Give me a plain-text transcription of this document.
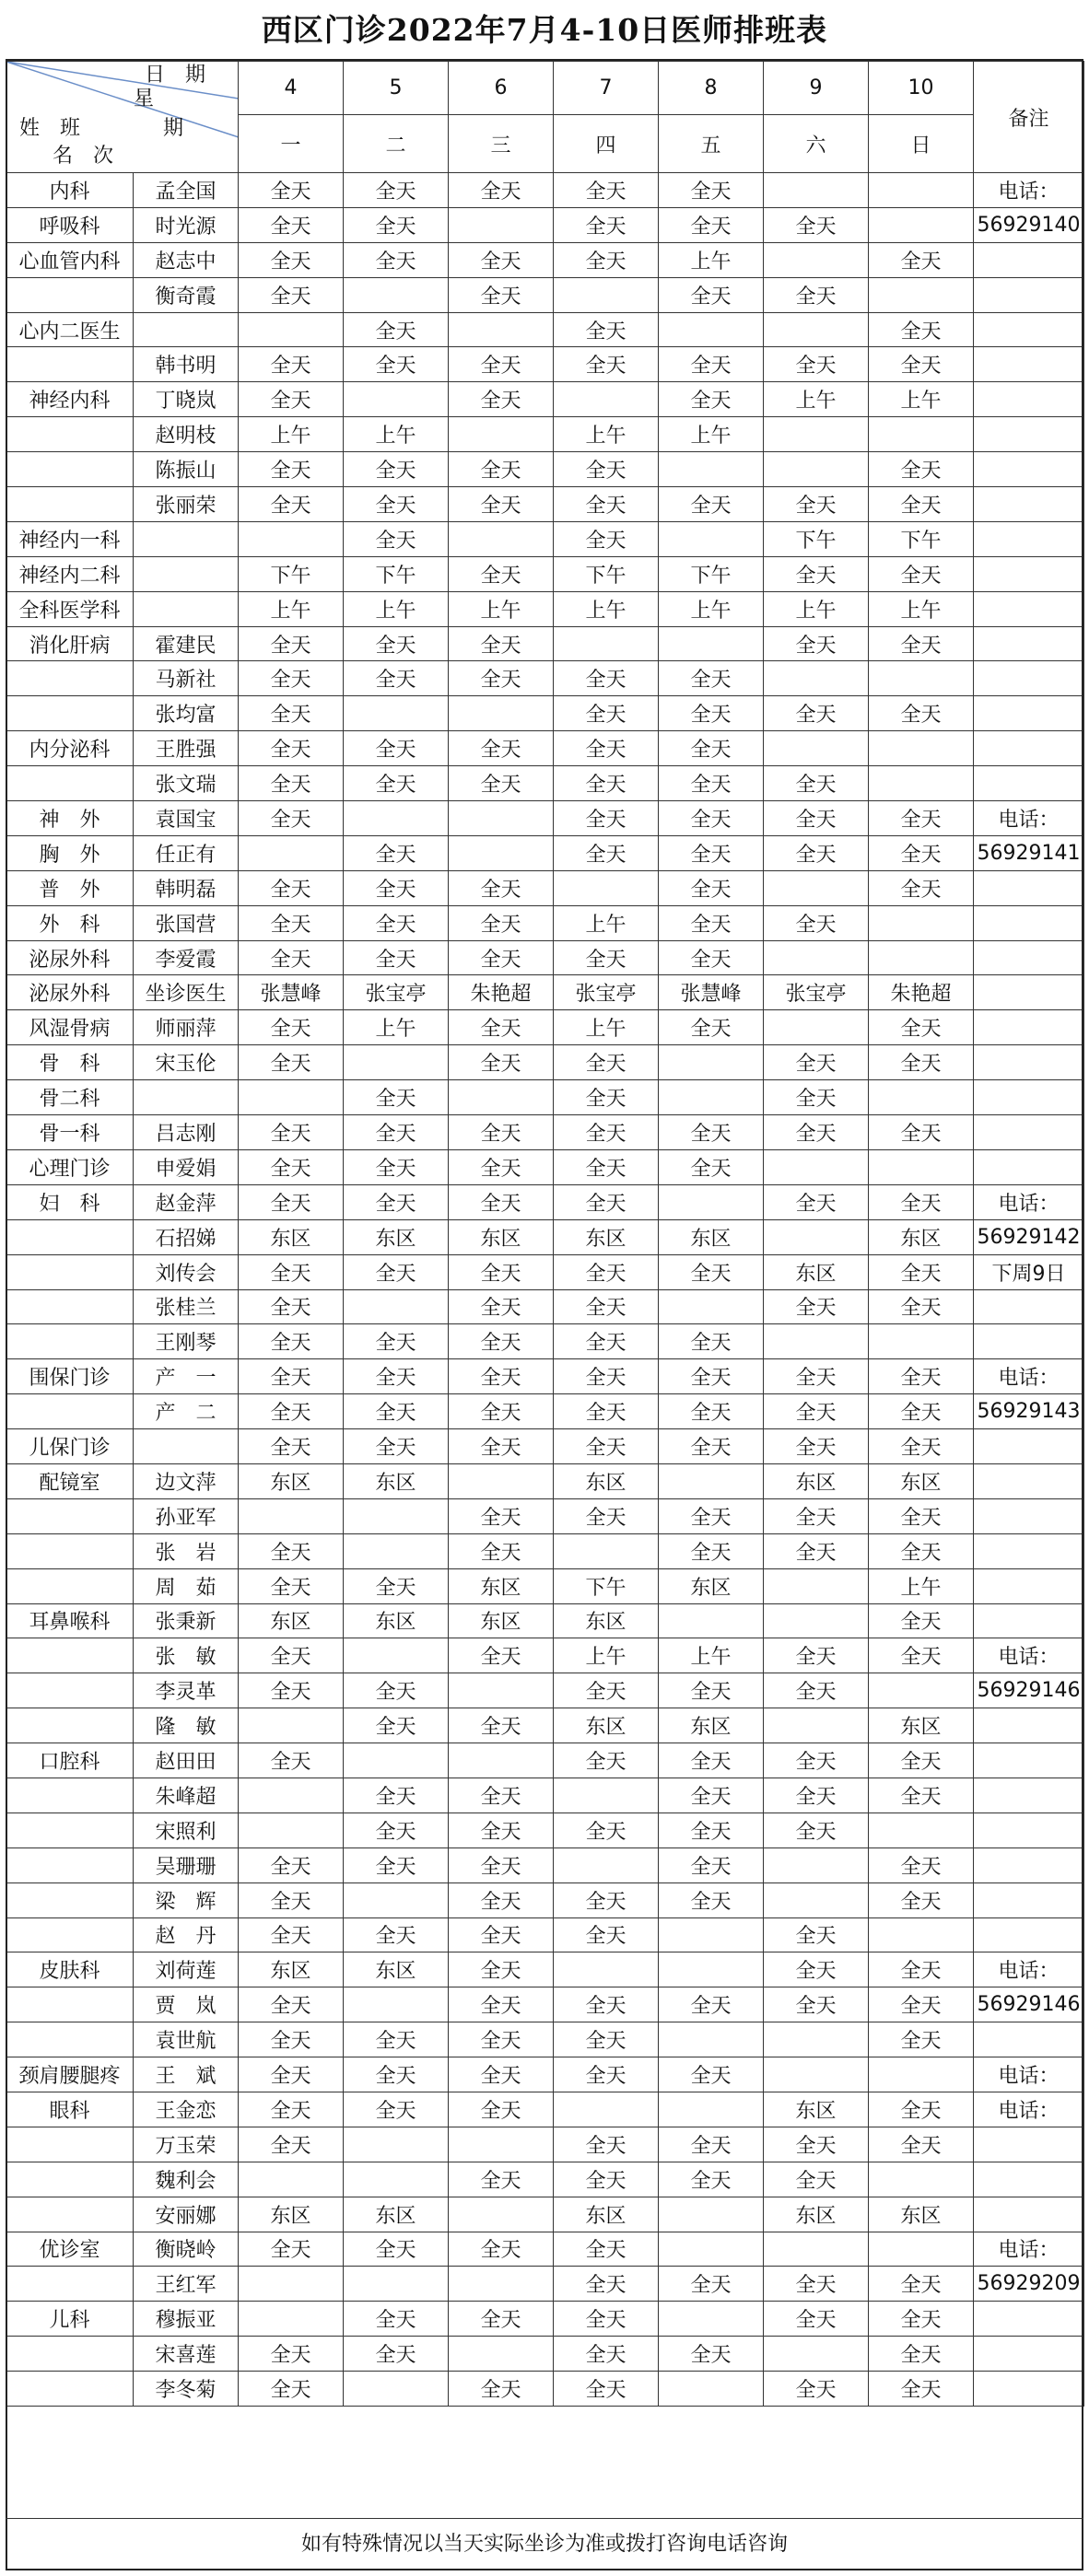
西区门诊2022年7月4-10日医师排班表
日　期
星
期
姓　班
名　次		4	5	6	7	8	9	10	备注
		一	二	三	四	五	六	日	
内科	孟全国	全天	全天	全天	全天	全天			电话：
呼吸科	时光源	全天	全天		全天	全天	全天		56929140
心血管内科	赵志中	全天	全天	全天	全天	上午		全天	
	衡奇霞	全天		全天		全天	全天		
心内二医生			全天		全天			全天	
	韩书明	全天	全天	全天	全天	全天	全天	全天	
神经内科	丁晓岚	全天		全天		全天	上午	上午	
	赵明枝	上午	上午		上午	上午			
	陈振山	全天	全天	全天	全天			全天	
	张丽荣	全天	全天	全天	全天	全天	全天	全天	
神经内一科			全天		全天		下午	下午	
神经内二科		下午	下午	全天	下午	下午	全天	全天	
全科医学科		上午	上午	上午	上午	上午	上午	上午	
消化肝病	霍建民	全天	全天	全天			全天	全天	
	马新社	全天	全天	全天	全天	全天			
	张均富	全天			全天	全天	全天	全天	
内分泌科	王胜强	全天	全天	全天	全天	全天			
	张文瑞	全天	全天	全天	全天	全天	全天		
神　外	袁国宝	全天			全天	全天	全天	全天	电话：
胸　外	任正有		全天		全天	全天	全天	全天	56929141
普　外	韩明磊	全天	全天	全天		全天		全天	
外　科	张国营	全天	全天	全天	上午	全天	全天		
泌尿外科	李爱霞	全天	全天	全天	全天	全天			
泌尿外科	坐诊医生	张慧峰	张宝亭	朱艳超	张宝亭	张慧峰	张宝亭	朱艳超	
风湿骨病	师丽萍	全天	上午	全天	上午	全天		全天	
骨　科	宋玉伦	全天		全天	全天		全天	全天	
骨二科			全天		全天		全天		
骨一科	吕志刚	全天	全天	全天	全天	全天	全天	全天	
心理门诊	申爱娟	全天	全天	全天	全天	全天			
妇　科	赵金萍	全天	全天	全天	全天		全天	全天	电话：
	石招娣	东区	东区	东区	东区	东区		东区	56929142
	刘传会	全天	全天	全天	全天	全天	东区	全天	下周9日
	张桂兰	全天		全天	全天		全天	全天	
	王刚琴	全天	全天	全天	全天	全天			
围保门诊	产　一	全天	全天	全天	全天	全天	全天	全天	电话：
	产　二	全天	全天	全天	全天	全天	全天	全天	56929143
儿保门诊		全天	全天	全天	全天	全天	全天	全天	
配镜室	边文萍	东区	东区		东区		东区	东区	
	孙亚军			全天	全天	全天	全天	全天	
	张　岩	全天		全天		全天	全天	全天	
	周　茹	全天	全天	东区	下午	东区		上午	
耳鼻喉科	张秉新	东区	东区	东区	东区			全天	
	张　敏	全天		全天	上午	上午	全天	全天	电话：
	李灵革	全天	全天		全天	全天	全天		56929146
	隆　敏		全天	全天	东区	东区		东区	
口腔科	赵田田	全天			全天	全天	全天	全天	
	朱峰超		全天	全天		全天	全天	全天	
	宋照利		全天	全天	全天	全天	全天		
	吴珊珊	全天	全天	全天		全天		全天	
	梁　辉	全天		全天	全天	全天		全天	
	赵　丹	全天	全天	全天	全天		全天		
皮肤科	刘荷莲	东区	东区	全天			全天	全天	电话：
	贾　岚	全天		全天	全天	全天	全天	全天	56929146
	袁世航	全天	全天	全天	全天			全天	
颈肩腰腿疼	王　斌	全天	全天	全天	全天	全天			电话：
眼科	王金恋	全天	全天	全天			东区	全天	电话：
	万玉荣	全天			全天	全天	全天	全天	
	魏利会			全天	全天	全天	全天		
	安丽娜	东区	东区		东区		东区	东区	
优诊室	衡晓岭	全天	全天	全天	全天				电话：
	王红军				全天	全天	全天	全天	56929209
儿科	穆振亚		全天	全天	全天		全天	全天	
	宋喜莲	全天	全天		全天	全天		全天	
	李冬菊	全天		全天	全天		全天	全天	
如有特殊情况以当天实际坐诊为准或拨打咨询电话咨询
